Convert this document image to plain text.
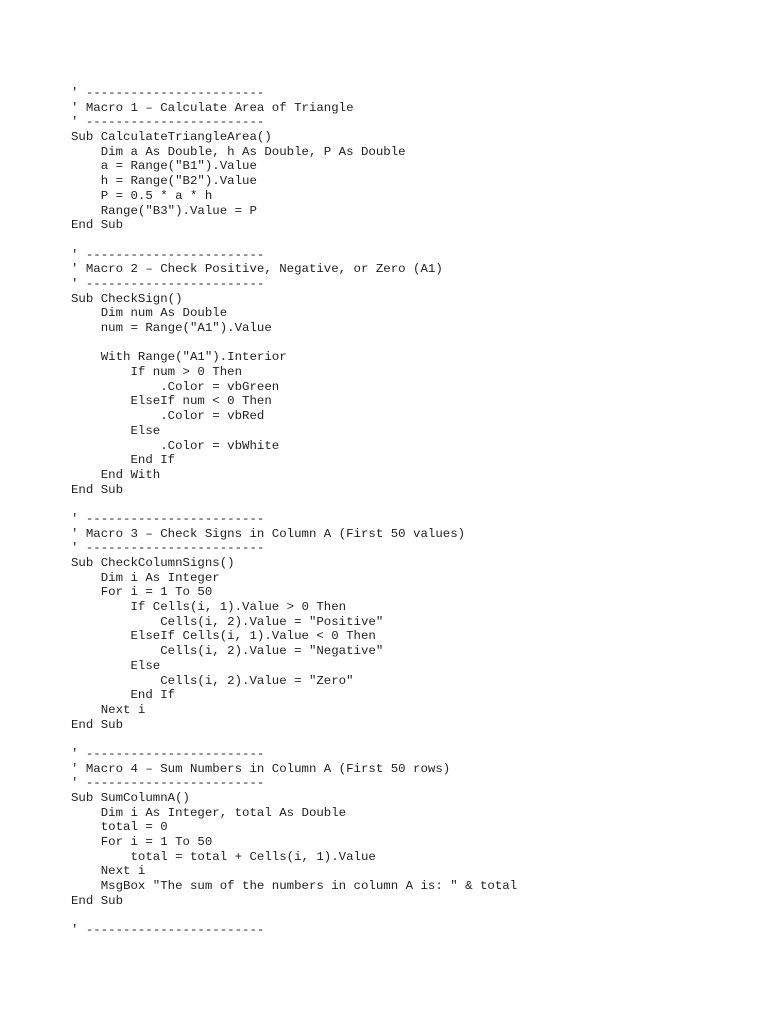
' ------------------------
' Macro 1 – Calculate Area of Triangle
' ------------------------
Sub CalculateTriangleArea()
Dim a As Double, h As Double, P As Double
a = Range("B1").Value
h = Range("B2").Value
P = 0.5 * a * h
Range("B3").Value = P
End Sub
' ------------------------
' Macro 2 – Check Positive, Negative, or Zero (A1)
' ------------------------
Sub CheckSign()
Dim num As Double
num = Range("A1").Value
With Range("A1").Interior
If num > 0 Then
.Color = vbGreen
ElseIf num < 0 Then
.Color = vbRed
Else
.Color = vbWhite
End If
End With
End Sub
' ------------------------
' Macro 3 – Check Signs in Column A (First 50 values)
' ------------------------
Sub CheckColumnSigns()
Dim i As Integer
For i = 1 To 50
If Cells(i, 1).Value > 0 Then
Cells(i, 2).Value = "Positive"
ElseIf Cells(i, 1).Value < 0 Then
Cells(i, 2).Value = "Negative"
Else
Cells(i, 2).Value = "Zero"
End If
Next i
End Sub
' ------------------------
' Macro 4 – Sum Numbers in Column A (First 50 rows)
' ------------------------
Sub SumColumnA()
Dim i As Integer, total As Double
total = 0
For i = 1 To 50
total = total + Cells(i, 1).Value
Next i
MsgBox "The sum of the numbers in column A is: " & total
End Sub
' ------------------------
